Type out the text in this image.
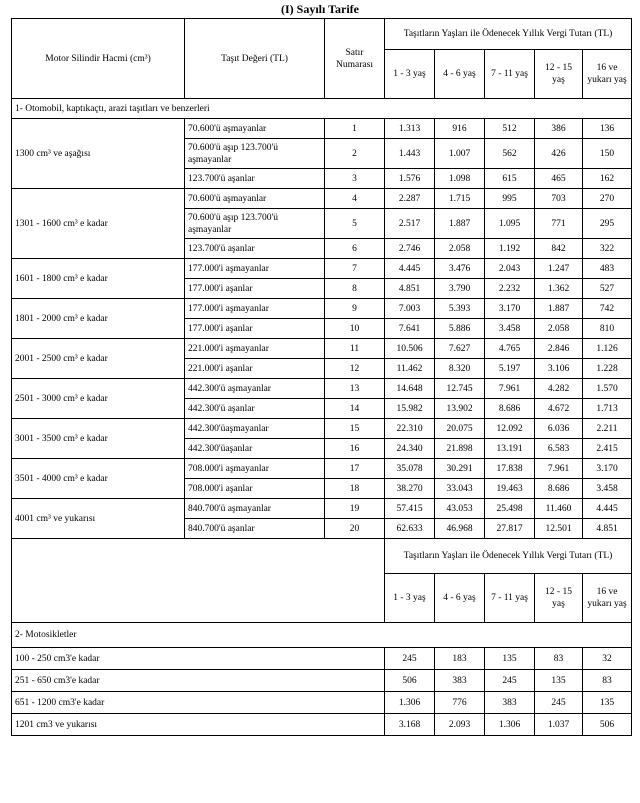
(I) Sayılı Tarife
Motor Silindir Hacmi (cm³)	Taşıt Değeri (TL)	Satır Numarası	Taşıtların Yaşları ile Ödenecek Yıllık Vergi Tutarı (TL)				
			1 - 3 yaş	4 - 6 yaş	7 - 11 yaş	12 - 15 yaş	16 ve yukarı yaş
1- Otomobil, kaptıkaçtı, arazi taşıtları ve benzerleri							
1300 cm³ ve aşağısı	70.600'ü aşmayanlar	1	1.313	916	512	386	136
	70.600'ü aşıp 123.700'ü aşmayanlar	2	1.443	1.007	562	426	150
	123.700'ü aşanlar	3	1.576	1.098	615	465	162
1301 - 1600 cm³ e kadar	70.600'ü aşmayanlar	4	2.287	1.715	995	703	270
	70.600'ü aşıp 123.700'ü aşmayanlar	5	2.517	1.887	1.095	771	295
	123.700'ü aşanlar	6	2.746	2.058	1.192	842	322
1601 - 1800 cm³ e kadar	177.000'i aşmayanlar	7	4.445	3.476	2.043	1.247	483
	177.000'i aşanlar	8	4.851	3.790	2.232	1.362	527
1801 - 2000 cm³ e kadar	177.000'i aşmayanlar	9	7.003	5.393	3.170	1.887	742
	177.000'i aşanlar	10	7.641	5.886	3.458	2.058	810
2001 - 2500 cm³ e kadar	221.000'i aşmayanlar	11	10.506	7.627	4.765	2.846	1.126
	221.000'i aşanlar	12	11.462	8.320	5.197	3.106	1.228
2501 - 3000 cm³ e kadar	442.300'ü aşmayanlar	13	14.648	12.745	7.961	4.282	1.570
	442.300'ü aşanlar	14	15.982	13.902	8.686	4.672	1.713
3001 - 3500 cm³ e kadar	442.300'üaşmayanlar	15	22.310	20.075	12.092	6.036	2.211
	442.300'üaşanlar	16	24.340	21.898	13.191	6.583	2.415
3501 - 4000 cm³ e kadar	708.000'i aşmayanlar	17	35.078	30.291	17.838	7.961	3.170
	708.000'i aşanlar	18	38.270	33.043	19.463	8.686	3.458
4001 cm³ ve yukarısı	840.700'ü aşmayanlar	19	57.415	43.053	25.498	11.460	4.445
	840.700'ü aşanlar	20	62.633	46.968	27.817	12.501	4.851
			Taşıtların Yaşları ile Ödenecek Yıllık Vergi Tutarı (TL)				
			1 - 3 yaş	4 - 6 yaş	7 - 11 yaş	12 - 15 yaş	16 ve yukarı yaş
2- Motosikletler							
100 - 250 cm3'e kadar			245	183	135	83	32
251 - 650 cm3'e kadar			506	383	245	135	83
651 - 1200 cm3'e kadar			1.306	776	383	245	135
1201 cm3 ve yukarısı			3.168	2.093	1.306	1.037	506
